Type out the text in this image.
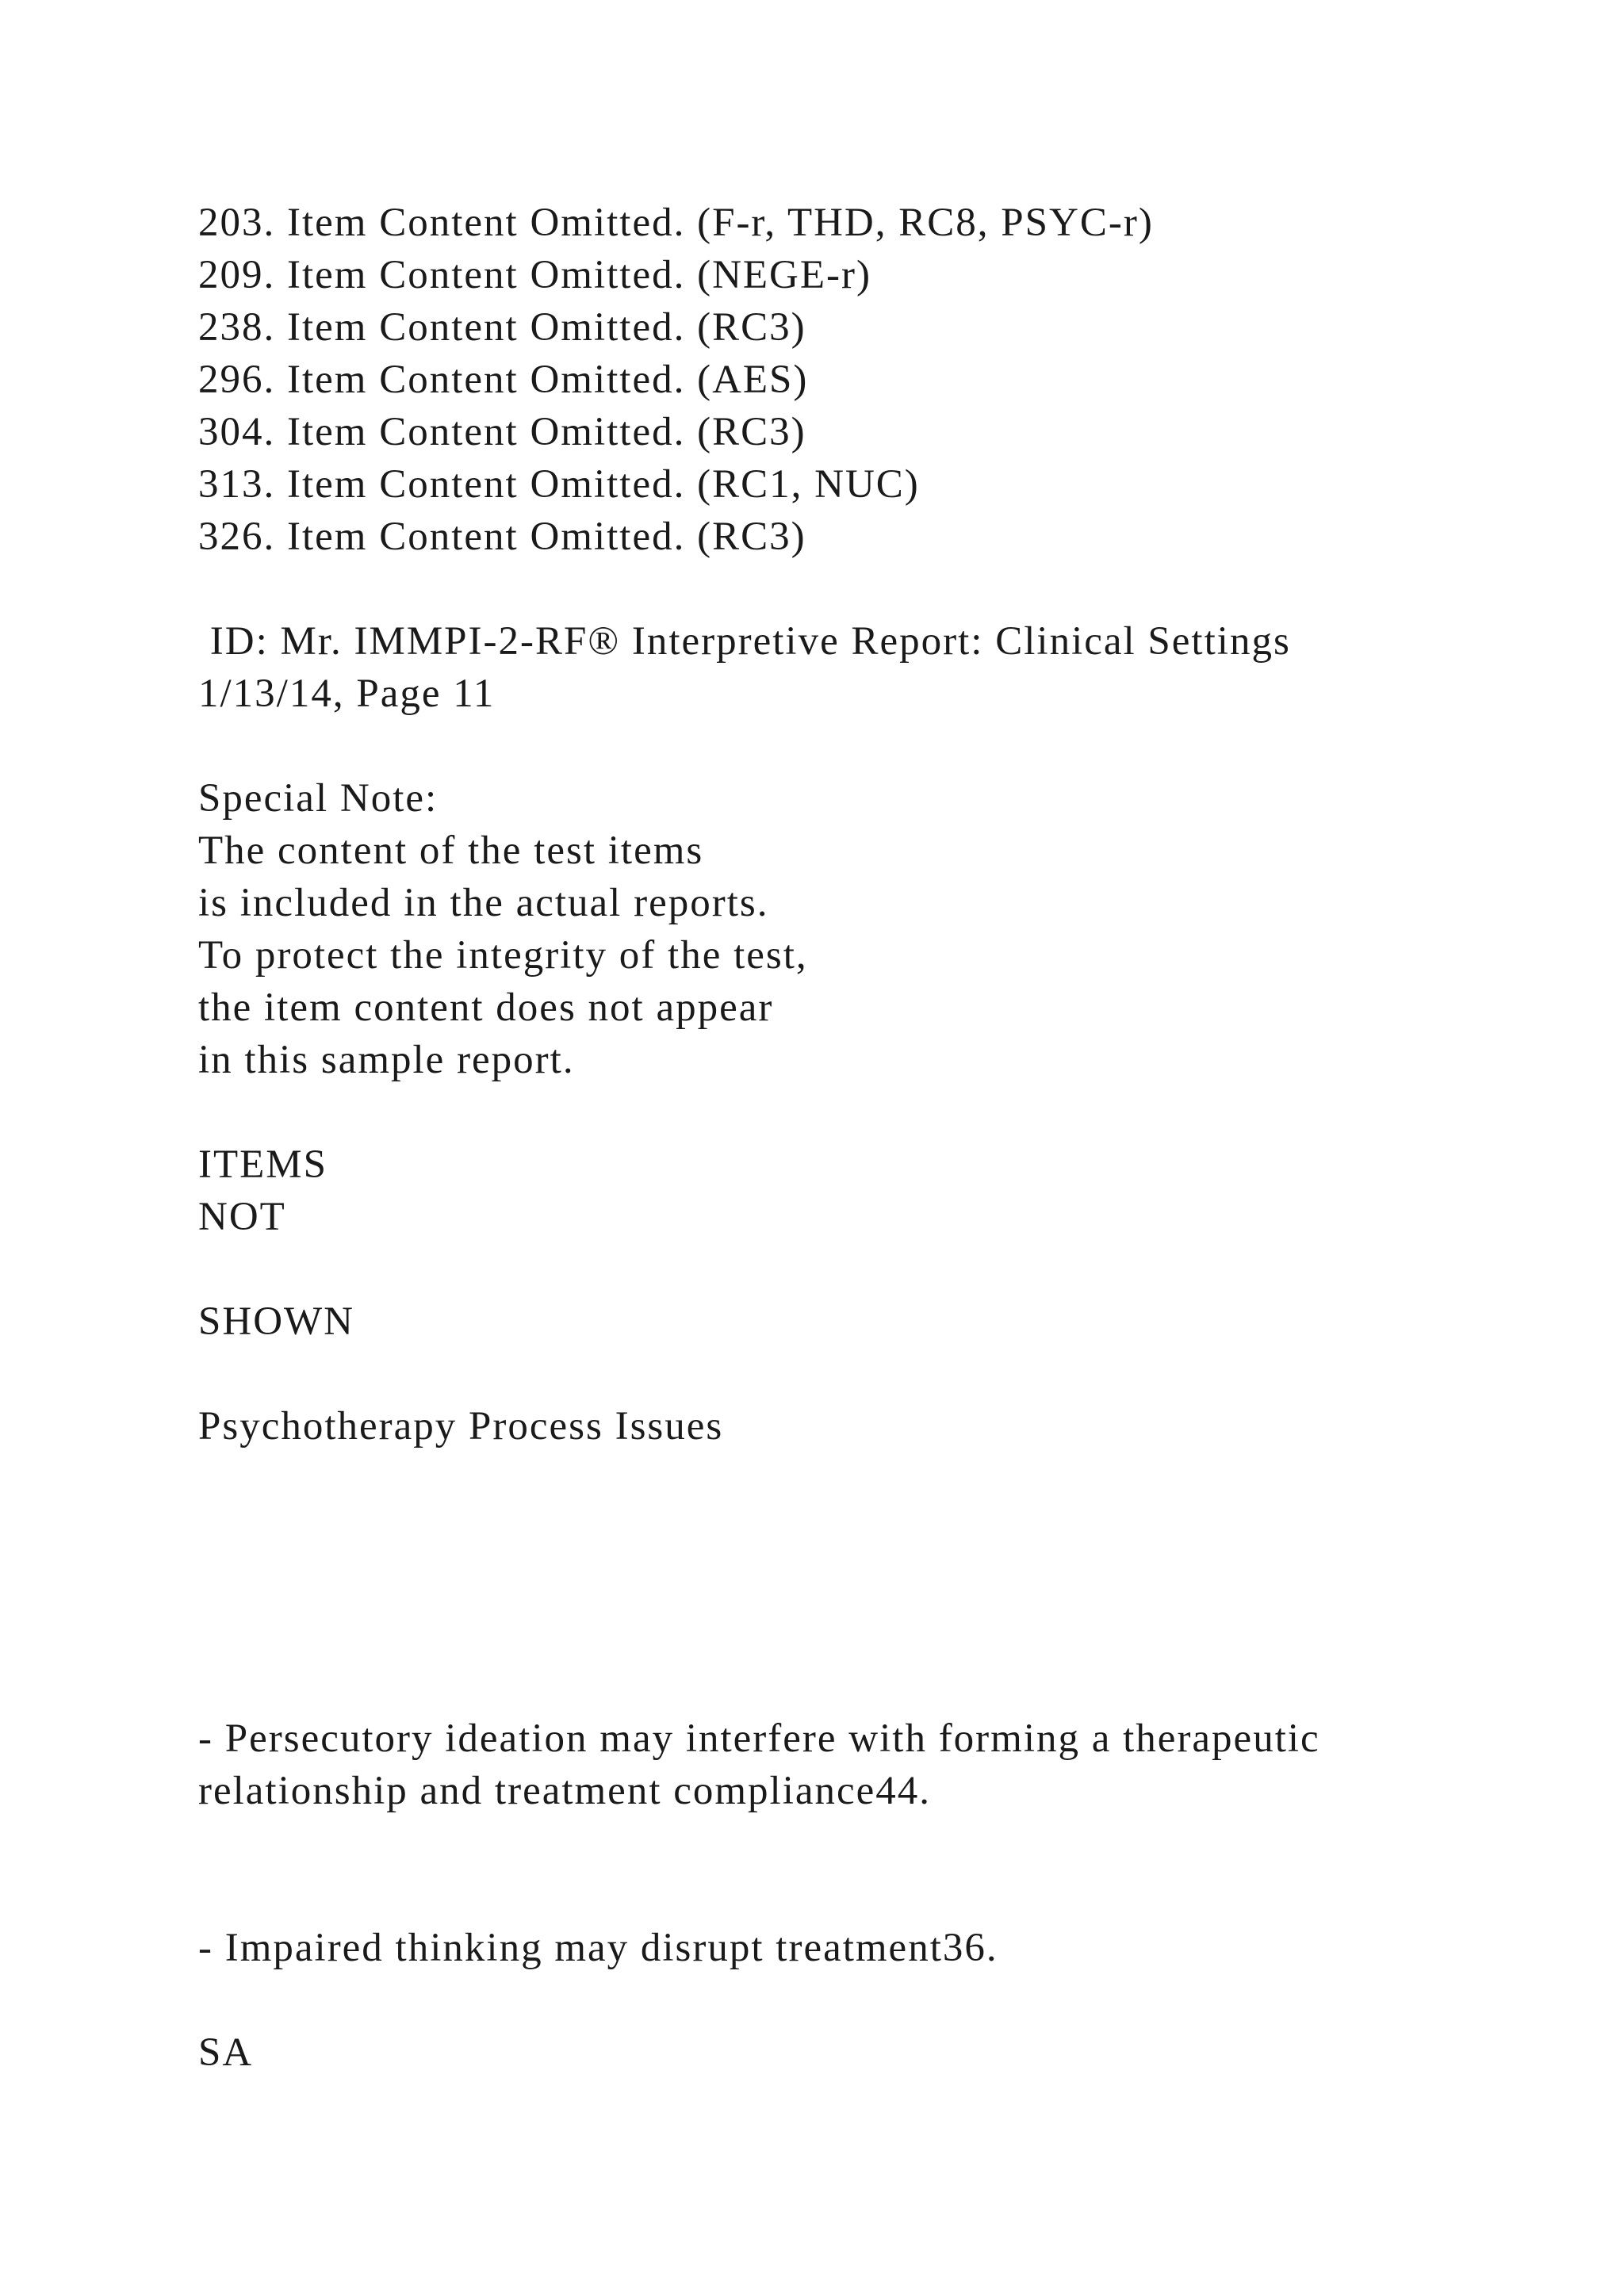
203. Item Content Omitted. (F-r, THD, RC8, PSYC-r)
209. Item Content Omitted. (NEGE-r)
238. Item Content Omitted. (RC3)
296. Item Content Omitted. (AES)
304. Item Content Omitted. (RC3)
313. Item Content Omitted. (RC1, NUC)
326. Item Content Omitted. (RC3)
ID: Mr. IMMPI-2-RF® Interpretive Report: Clinical Settings
1/13/14, Page 11
Special Note:
The content of the test items
is included in the actual reports.
To protect the integrity of the test,
the item content does not appear
in this sample report.
ITEMS
NOT
SHOWN
Psychotherapy Process Issues
- Persecutory ideation may interfere with forming a therapeutic
relationship and treatment compliance44.
- Impaired thinking may disrupt treatment36.
SA
